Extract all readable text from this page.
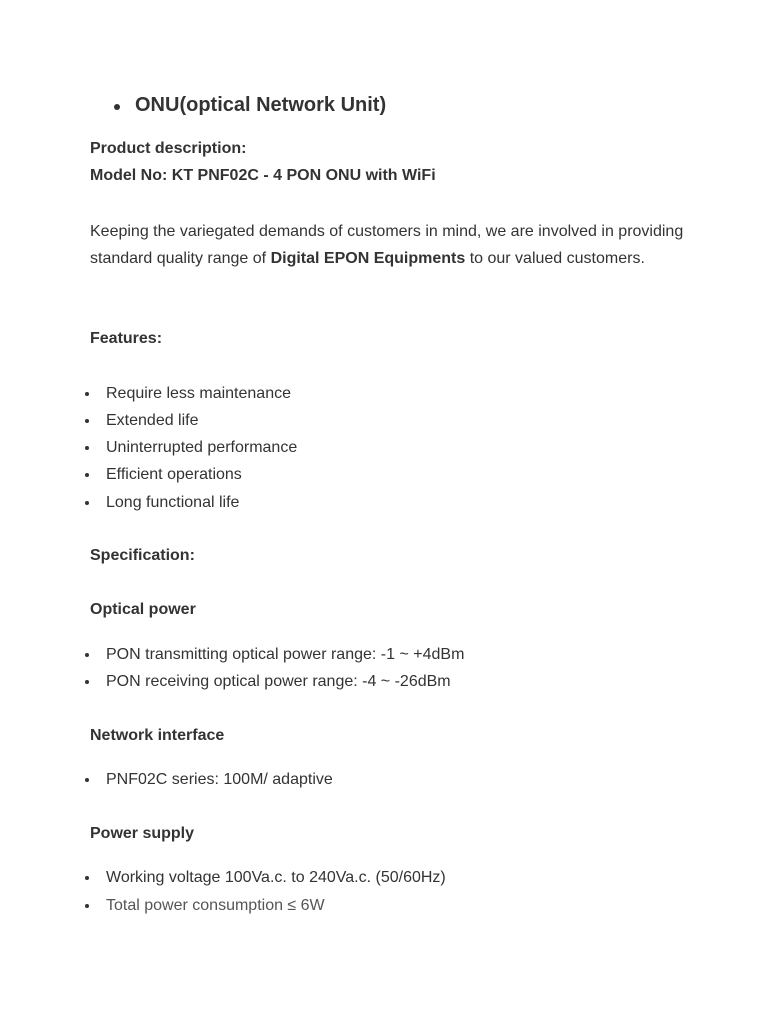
ONU(optical Network Unit)
Product description:
Model No: KT PNF02C - 4 PON ONU with WiFi
Keeping the variegated demands of customers in mind, we are involved in providing standard quality range of Digital EPON Equipments to our valued customers.
Features:
Require less maintenance
Extended life
Uninterrupted performance
Efficient operations
Long functional life
Specification:
Optical power
PON transmitting optical power range: -1 ~ +4dBm
PON receiving optical power range: -4 ~ -26dBm
Network interface
PNF02C series: 100M/ adaptive
Power supply
Working voltage 100Va.c. to 240Va.c. (50/60Hz)
Total power consumption ≤ 6W
